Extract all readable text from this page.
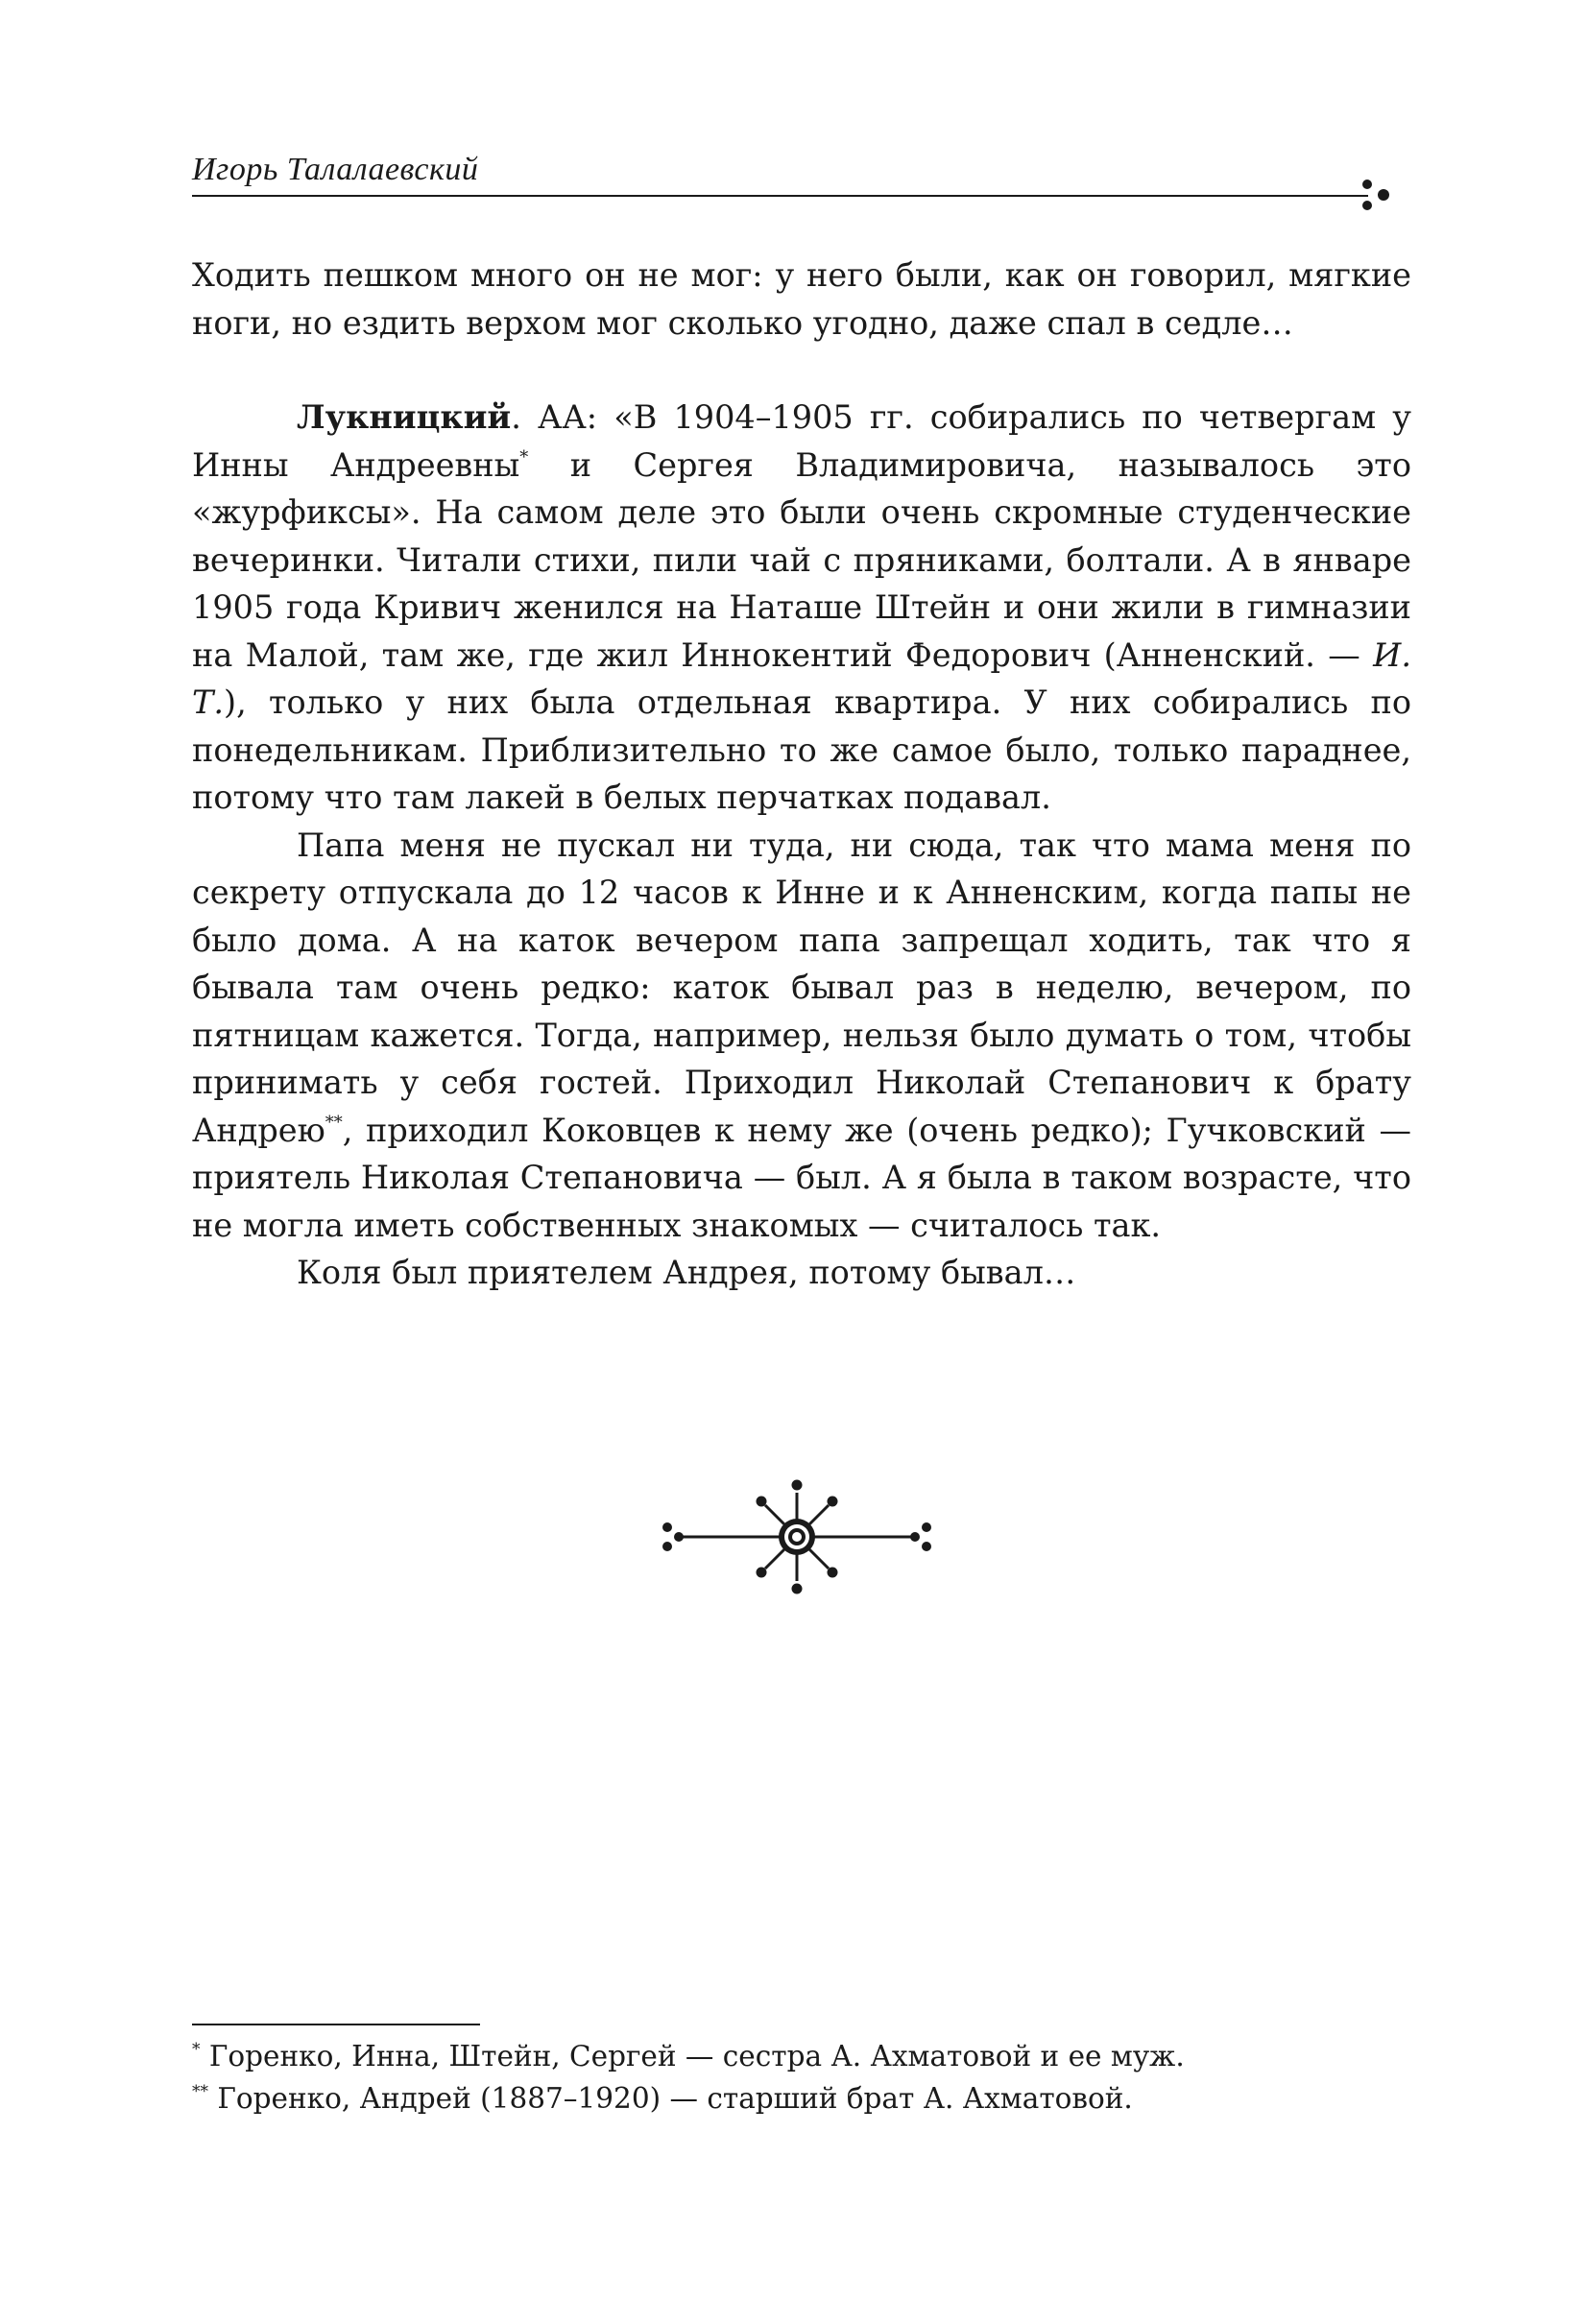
Игорь Талалаевский

Ходить пешком много он не мог: у него были, как он говорил, мягкие ноги, но ездить верхом мог сколько угодно, даже спал в седле…

Лукницкий. АА: «В 1904–1905 гг. собирались по четвергам у Инны Андреевны* и Сергея Владимировича, называлось это «журфиксы». На самом деле это были очень скромные студенческие вечеринки. Читали стихи, пили чай с пряниками, болтали. А в январе 1905 года Кривич женился на Наташе Штейн и они жили в гимназии на Малой, там же, где жил Иннокентий Федорович (Анненский. — И. Т.), только у них была отдельная квартира. У них собирались по понедельникам. Приблизительно то же самое было, только параднее, потому что там лакей в белых перчатках подавал.

Папа меня не пускал ни туда, ни сюда, так что мама меня по секрету отпускала до 12 часов к Инне и к Анненским, когда папы не было дома. А на каток вечером папа запрещал ходить, так что я бывала там очень редко: каток бывал раз в неделю, вечером, по пятницам кажется. Тогда, например, нельзя было думать о том, чтобы принимать у себя гостей. Приходил Николай Степанович к брату Андрею**, приходил Коковцев к нему же (очень редко); Гучковский — приятель Николая Степановича — был. А я была в таком возрасте, что не могла иметь собственных знакомых — считалось так.

Коля был приятелем Андрея, потому бывал…

* Горенко, Инна, Штейн, Сергей — сестра А. Ахматовой и ее муж.

** Горенко, Андрей (1887–1920) — старший брат А. Ахматовой.
